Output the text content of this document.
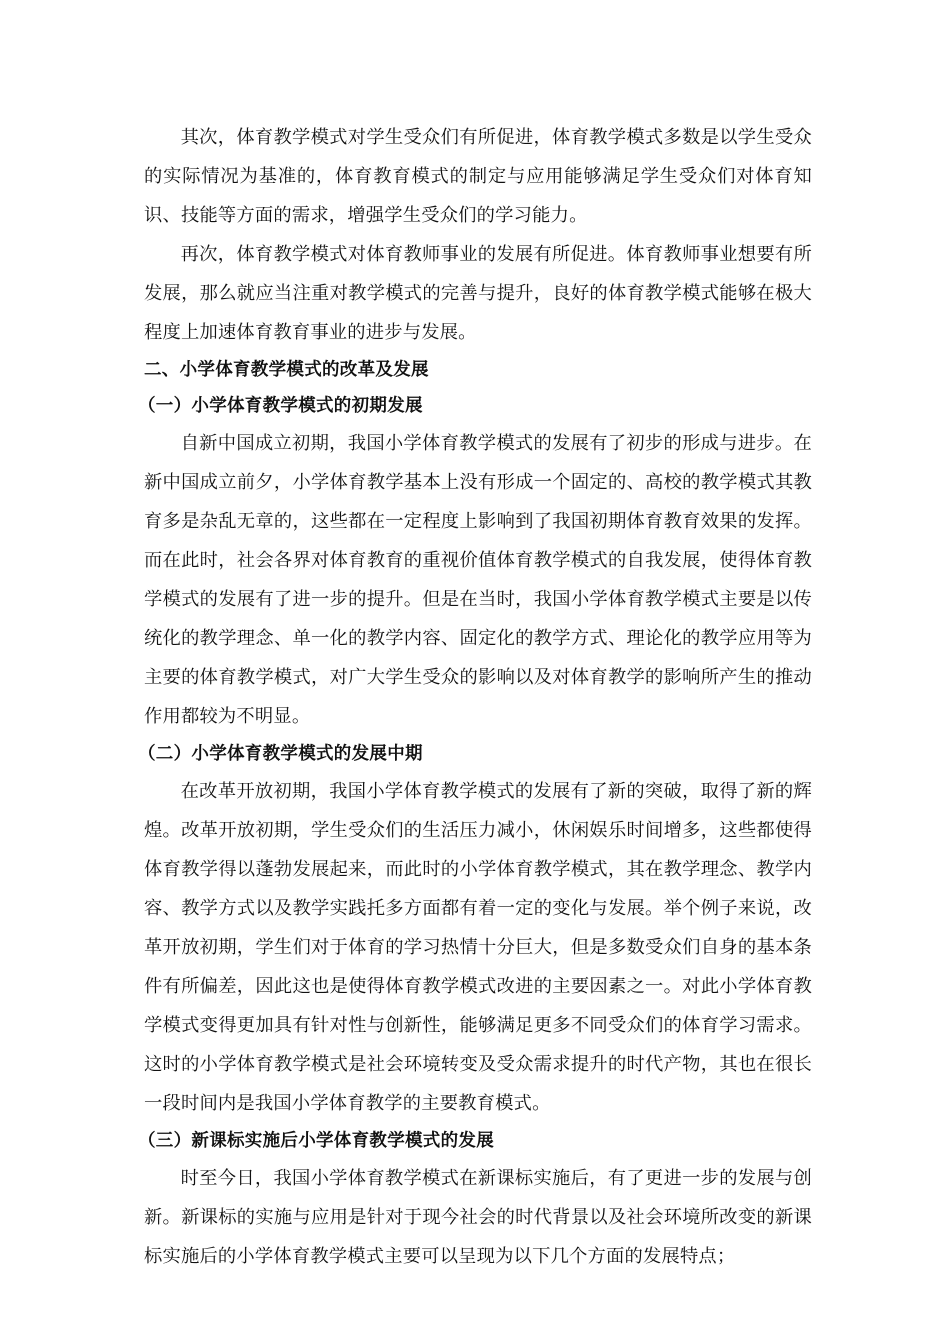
其次，体育教学模式对学生受众们有所促进，体育教学模式多数是以学生受众的实际情况为基准的，体育教育模式的制定与应用能够满足学生受众们对体育知识、技能等方面的需求，增强学生受众们的学习能力。

再次，体育教学模式对体育教师事业的发展有所促进。体育教师事业想要有所发展，那么就应当注重对教学模式的完善与提升，良好的体育教学模式能够在极大程度上加速体育教育事业的进步与发展。

二、小学体育教学模式的改革及发展

（一）小学体育教学模式的初期发展

自新中国成立初期，我国小学体育教学模式的发展有了初步的形成与进步。在新中国成立前夕，小学体育教学基本上没有形成一个固定的、高校的教学模式其教育多是杂乱无章的，这些都在一定程度上影响到了我国初期体育教育效果的发挥。而在此时，社会各界对体育教育的重视价值体育教学模式的自我发展，使得体育教学模式的发展有了进一步的提升。但是在当时，我国小学体育教学模式主要是以传统化的教学理念、单一化的教学内容、固定化的教学方式、理论化的教学应用等为主要的体育教学模式，对广大学生受众的影响以及对体育教学的影响所产生的推动作用都较为不明显。

（二）小学体育教学模式的发展中期

在改革开放初期，我国小学体育教学模式的发展有了新的突破，取得了新的辉煌。改革开放初期，学生受众们的生活压力减小，休闲娱乐时间增多，这些都使得体育教学得以蓬勃发展起来，而此时的小学体育教学模式，其在教学理念、教学内容、教学方式以及教学实践托多方面都有着一定的变化与发展。举个例子来说，改革开放初期，学生们对于体育的学习热情十分巨大，但是多数受众们自身的基本条件有所偏差，因此这也是使得体育教学模式改进的主要因素之一。对此小学体育教学模式变得更加具有针对性与创新性，能够满足更多不同受众们的体育学习需求。这时的小学体育教学模式是社会环境转变及受众需求提升的时代产物，其也在很长一段时间内是我国小学体育教学的主要教育模式。

（三）新课标实施后小学体育教学模式的发展

时至今日，我国小学体育教学模式在新课标实施后，有了更进一步的发展与创新。新课标的实施与应用是针对于现今社会的时代背景以及社会环境所改变的新课标实施后的小学体育教学模式主要可以呈现为以下几个方面的发展特点；
